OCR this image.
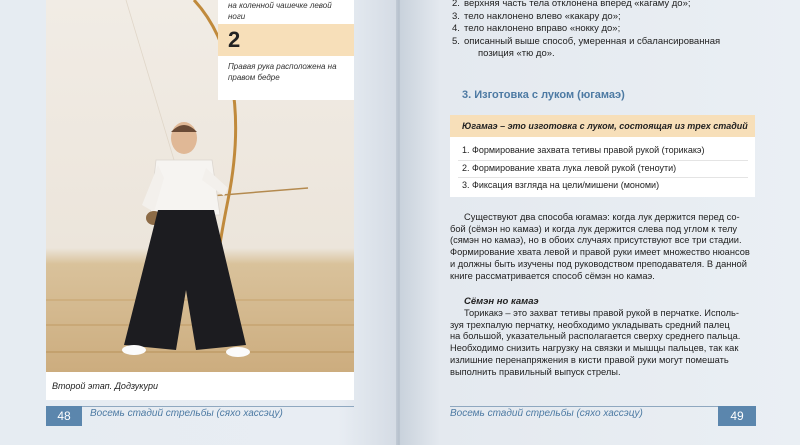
Второй этап. Додзукури
на коленной чашечке левой ноги
2
Правая рука расположена на правом бедре
48	Восемь стадий стрельбы (сяхо хассэцу)
2. верхняя часть тела отклонена вперед «кагаму до»;
3. тело наклонено влево «какару до»;
4. тело наклонено вправо «нокку до»;
5. описанный выше способ, умеренная и сбалансированная
позиция «тю до».
3. Изготовка с луком (югамаэ)
Югамаэ – это изготовка с луком, состоящая из трех стадий
1. Формирование захвата тетивы правой рукой (торикакэ)
2. Формирование хвата лука левой рукой (теноути)
3. Фиксация взгляда на цели/мишени (мономи)
Существуют два способа югамаэ: когда лук держится перед со-
бой (сёмэн но камаэ) и когда лук держится слева под углом к телу
(сямэн но камаэ), но в обоих случаях присутствуют все три стадии.
Формирование хвата левой и правой руки имеет множество нюансов
и должны быть изучены под руководством преподавателя. В данной
книге рассматривается способ сёмэн но камаэ.
Сёмэн но камаэ
Торикакэ – это захват тетивы правой рукой в перчатке. Исполь-
зуя трехпалую перчатку, необходимо укладывать средний палец
на большой, указательный располагается сверху среднего пальца.
Необходимо снизить нагрузку на связки и мышцы пальцев, так как
излишние перенапряжения в кисти правой руки могут помешать
выполнить правильный выпуск стрелы.
Восемь стадий стрельбы (сяхо хассэцу)	49
